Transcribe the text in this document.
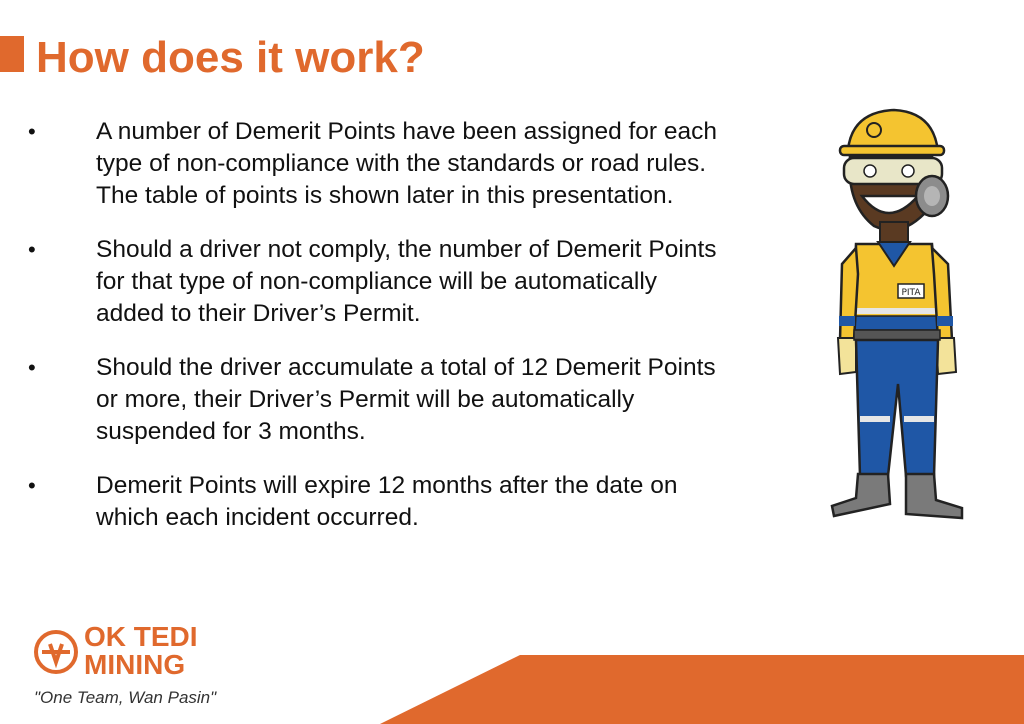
How does it work?
•	A number of Demerit Points have been assigned for each
type of non-compliance with the standards or road rules.
The table of points is shown later in this presentation.
•	Should a driver not comply, the number of Demerit Points
for that type of non-compliance will be automatically
added to their Driver’s Permit.
•	Should the driver accumulate a total of 12 Demerit Points
or more, their Driver’s Permit will be automatically
suspended for 3 months.
•	Demerit Points will expire 12 months after the date on
which each incident occurred.
PITA
OK TEDI
MINING
"One Team, Wan Pasin"
